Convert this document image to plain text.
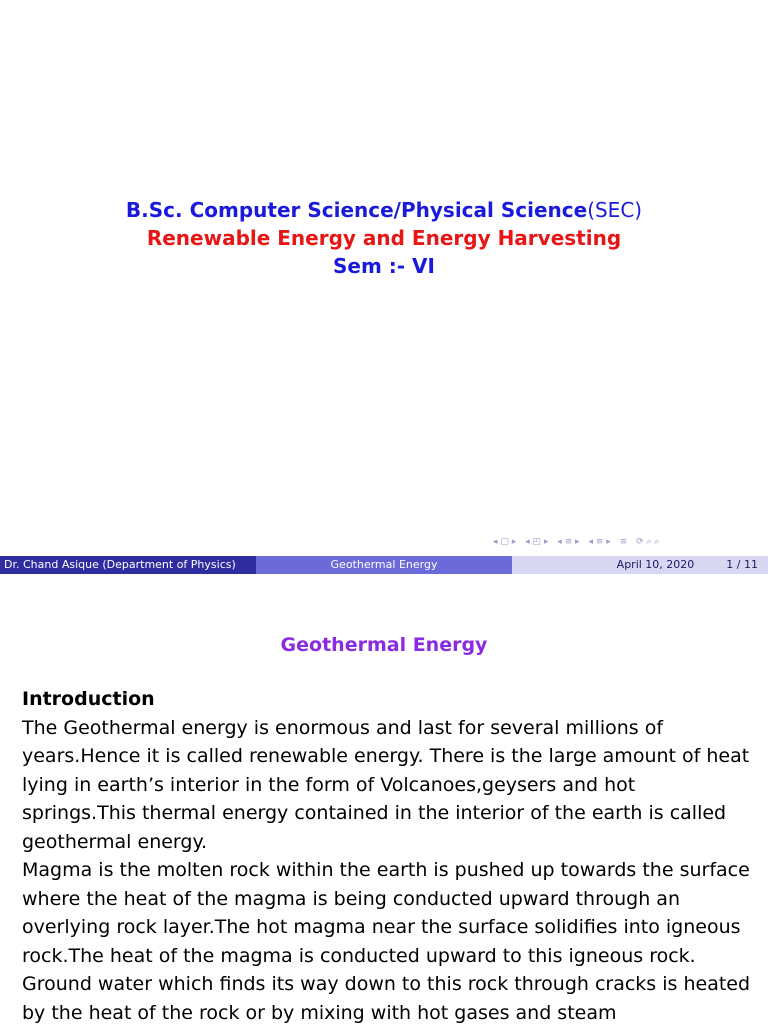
B.Sc. Computer Science/Physical Science(SEC)
Renewable Energy and Energy Harvesting
Sem :- VI
◂ ▢ ▸ ◂ ◰ ▸ ◂ ≡ ▸ ◂ ≡ ▸ ≡ ⟳ ⌕ ⌕
Dr. Chand Asique (Department of Physics)	Geothermal Energy	April 10, 2020	1 / 11
Geothermal Energy
Introduction
The Geothermal energy is enormous and last for several millions of years.Hence it is called renewable energy. There is the large amount of heat lying in earth’s interior in the form of Volcanoes,geysers and hot springs.This thermal energy contained in the interior of the earth is called geothermal energy.
Magma is the molten rock within the earth is pushed up towards the surface where the heat of the magma is being conducted upward through an overlying rock layer.The hot magma near the surface solidifies into igneous rock.The heat of the magma is conducted upward to this igneous rock. Ground water which finds its way down to this rock through cracks is heated by the heat of the rock or by mixing with hot gases and steam
